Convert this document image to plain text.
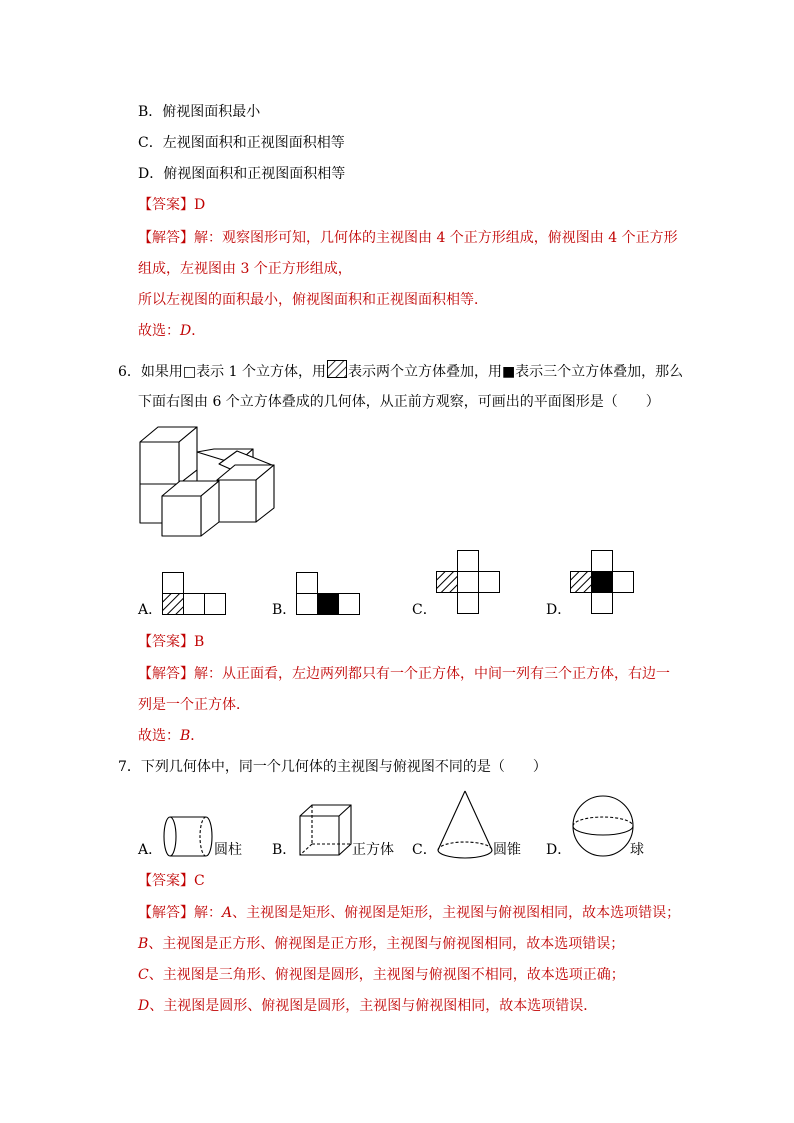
B．俯视图面积最小
C．左视图面积和正视图面积相等
D．俯视图面积和正视图面积相等
【答案】D
【解答】解：观察图形可知，几何体的主视图由 4 个正方形组成，俯视图由 4 个正方形
组成，左视图由 3 个正方形组成，
所以左视图的面积最小，俯视图面积和正视图面积相等．
故选：D．
6．如果用□表示 1 个立方体，用 表示两个立方体叠加，用■表示三个立方体叠加，那么
下面右图由 6 个立方体叠成的几何体，从正前方观察，可画出的平面图形是（　　）
A．	B．	C．	D．
【答案】B
【解答】解：从正面看，左边两列都只有一个正方体，中间一列有三个正方体，右边一
列是一个正方体．
故选：B．
7．下列几何体中，同一个几何体的主视图与俯视图不同的是（　　）
圆柱	正方体	圆锥	球
A．	B．	C．	D．
【答案】C
【解答】解：A、主视图是矩形、俯视图是矩形，主视图与俯视图相同，故本选项错误；
B、主视图是正方形、俯视图是正方形，主视图与俯视图相同，故本选项错误；
C、主视图是三角形、俯视图是圆形，主视图与俯视图不相同，故本选项正确；
D、主视图是圆形、俯视图是圆形，主视图与俯视图相同，故本选项错误．
